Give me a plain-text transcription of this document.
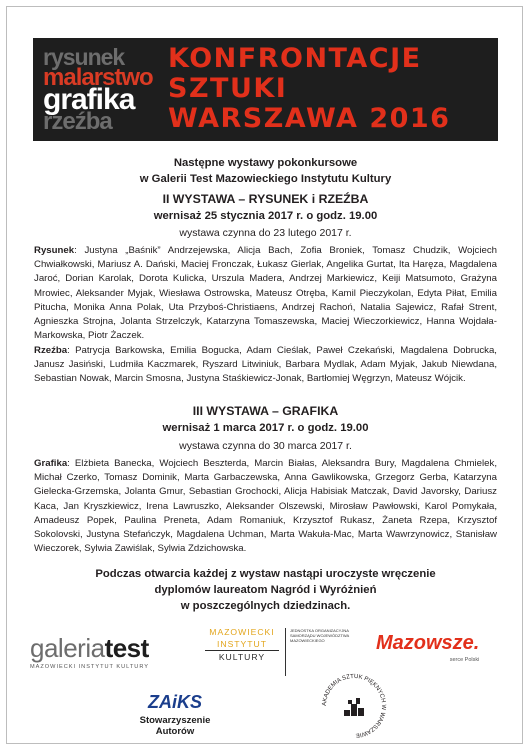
rysunek
malarstwo
grafika
rzeźba
KONFRONTACJE
SZTUKI
WARSZAWA 2016
Następne wystawy pokonkursowe
w Galerii Test Mazowieckiego Instytutu Kultury
II WYSTAWA – RYSUNEK i RZEŹBA
wernisaż 25 stycznia 2017 r. o godz. 19.00
wystawa czynna do 23 lutego 2017 r.

Rysunek: Justyna „Baśnik” Andrzejewska, Alicja Bach, Zofia Broniek, Tomasz Chudzik, Wojciech Chwiałkowski, Mariusz A. Dański, Maciej Fronczak, Łukasz Gierlak, Angelika Gurtat, Ita Haręza, Magdalena Jaroć, Dorian Karolak, Dorota Kulicka, Urszula Madera, Andrzej Markiewicz, Keiji Matsumoto, Grażyna Mrowiec, Aleksander Myjak, Wiesława Ostrowska, Mateusz Otręba, Kamil Pieczykolan, Edyta Piłat, Emilia Pitucha, Monika Anna Polak, Uta Przyboś-Christiaens, Andrzej Rachoń, Natalia Sajewicz, Rafał Strent, Agnieszka Strojna, Jolanta Strzelczyk, Katarzyna Tomaszewska, Maciej Wieczorkiewicz, Hanna Wojdała-Markowska, Piotr Żaczek.

Rzeźba: Patrycja Barkowska, Emilia Bogucka, Adam Cieślak, Paweł Czekański, Magdalena Dobrucka, Janusz Jasiński, Ludmiła Kaczmarek, Ryszard Litwiniuk, Barbara Mydlak, Adam Myjak, Jakub Niewdana, Sebastian Nowak, Marcin Smosna, Justyna Staśkiewicz-Jonak, Bartłomiej Węgrzyn, Mateusz Wójcik.

III WYSTAWA – GRAFIKA
wernisaż 1 marca 2017 r. o godz. 19.00
wystawa czynna do 30 marca 2017 r.

Grafika: Elżbieta Banecka, Wojciech Beszterda, Marcin Białas, Aleksandra Bury, Magdalena Chmielek, Michał Czerko, Tomasz Dominik, Marta Garbaczewska, Anna Gawlikowska, Grzegorz Gerba, Katarzyna Gielecka-Grzemska, Jolanta Gmur, Sebastian Grochocki, Alicja Habisiak Matczak, David Javorsky, Dariusz Kaca, Jan Kryszkiewicz, Irena Lawruszko, Aleksander Olszewski, Mirosław Pawłowski, Karol Pomykała, Amadeusz Popek, Paulina Preneta, Adam Romaniuk, Krzysztof Rukasz, Żaneta Rzepa, Krzysztof Sokolovski, Justyna Stefańczyk, Magdalena Uchman, Marta Wakuła-Mac, Marta Wawrzynowicz, Stanisław Wieczorek, Sylwia Zawiślak, Sylwia Zdzichowska.

Podczas otwarcia każdej z wystaw nastąpi uroczyste wręczenie
dyplomów laureatom Nagród i Wyróżnień
w poszczególnych dziedzinach.
galeriatest
MAZOWIECKI INSTYTUT KULTURY
MAZOWIECKI
INSTYTUT
KULTURY
JEDNOSTKA ORGANIZACYJNA SAMORZĄDU WOJEWÓDZTWA MAZOWIECKIEGO	Mazowsze.
serce Polski
ZAiKS
Stowarzyszenie Autorów
AKADEMIA SZTUK PIĘKNYCH W WARSZAWIE
